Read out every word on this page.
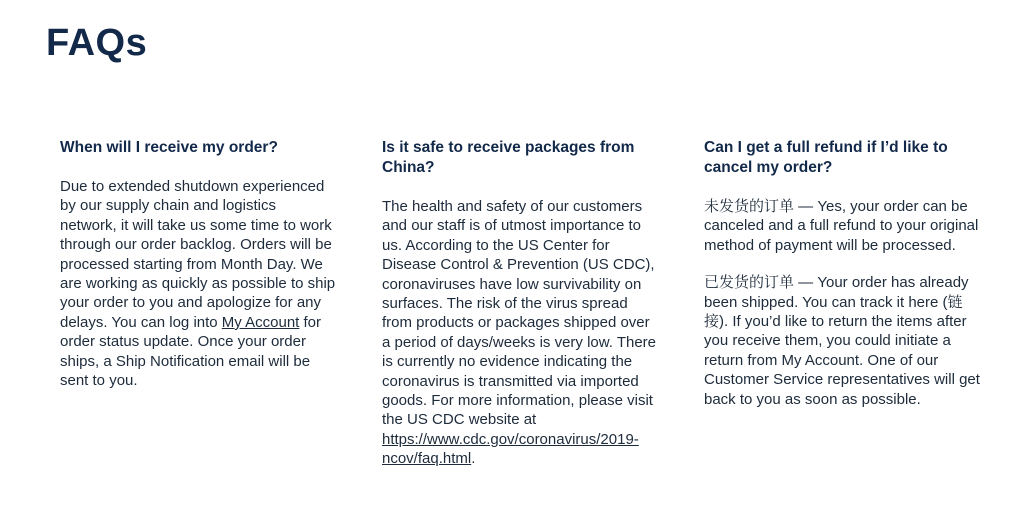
FAQs
When will I receive my order?

Due to extended shutdown experienced by our supply chain and logistics network, it will take us some time to work through our order backlog. Orders will be processed starting from Month Day. We are working as quickly as possible to ship your order to you and apologize for any delays. You can log into My Account for order status update. Once your order ships, a Ship Notification email will be sent to you.

Is it safe to receive packages from China?

The health and safety of our customers and our staff is of utmost importance to us. According to the US Center for Disease Control & Prevention (US CDC), coronaviruses have low survivability on surfaces. The risk of the virus spread from products or packages shipped over a period of days/weeks is very low. There is currently no evidence indicating the coronavirus is transmitted via imported goods. For more information, please visit the US CDC website at https://www.cdc.gov/coronavirus/2019-ncov/faq.html.

Can I get a full refund if I’d like to cancel my order?

未发货的订单 — Yes, your order can be canceled and a full refund to your original method of payment will be processed.

已发货的订单 — Your order has already been shipped. You can track it here (链接). If you’d like to return the items after you receive them, you could initiate a return from My Account. One of our Customer Service representatives will get back to you as soon as possible.
